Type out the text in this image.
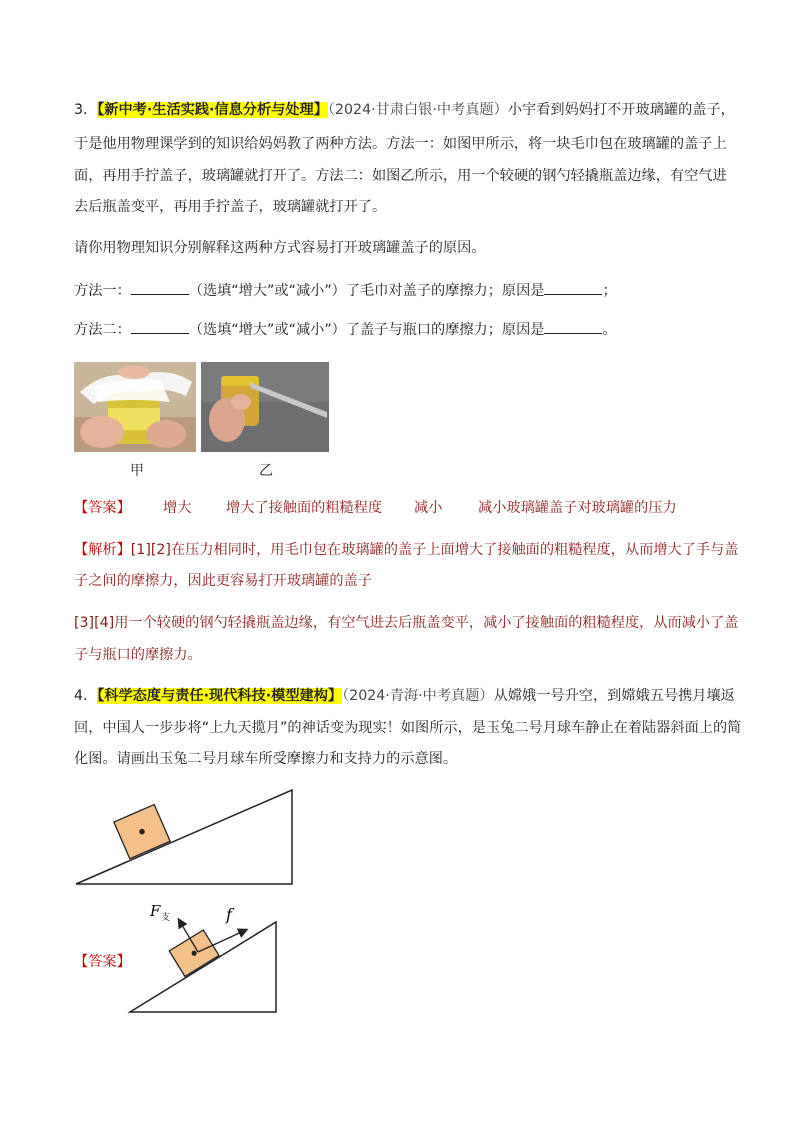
3．【新中考·生活实践·信息分析与处理】（2024·甘肃白银·中考真题）小宇看到妈妈打不开玻璃罐的盖子，
于是他用物理课学到的知识给妈妈教了两种方法。方法一：如图甲所示，将一块毛巾包在玻璃罐的盖子上
面，再用手拧盖子，玻璃罐就打开了。方法二：如图乙所示，用一个较硬的钢勺轻撬瓶盖边缘，有空气进
去后瓶盖变平，再用手拧盖子，玻璃罐就打开了。
请你用物理知识分别解释这两种方式容易打开玻璃罐盖子的原因。
方法一：	（选填“增大”或“减小”）了毛巾对盖子的摩擦力；原因是	；
方法二：	（选填“增大”或“减小”）了盖子与瓶口的摩擦力；原因是	。
甲	乙
【答案】 增大 增大了接触面的粗糙程度 减小	减小玻璃罐盖子对玻璃罐的压力
【解析】[1][2]在压力相同时，用毛巾包在玻璃罐的盖子上面增大了接触面的粗糙程度，从而增大了手与盖
子之间的摩擦力，因此更容易打开玻璃罐的盖子
[3][4]用一个较硬的钢勺轻撬瓶盖边缘，有空气进去后瓶盖变平，减小了接触面的粗糙程度，从而减小了盖
子与瓶口的摩擦力。
4．【科学态度与责任·现代科技·模型建构】（2024·青海·中考真题）从嫦娥一号升空，到嫦娥五号携月壤返
回，中国人一步步将“上九天揽月”的神话变为现实！如图所示，是玉兔二号月球车静止在着陆器斜面上的简
化图。请画出玉兔二号月球车所受摩擦力和支持力的示意图。
【答案】
F 支	f
